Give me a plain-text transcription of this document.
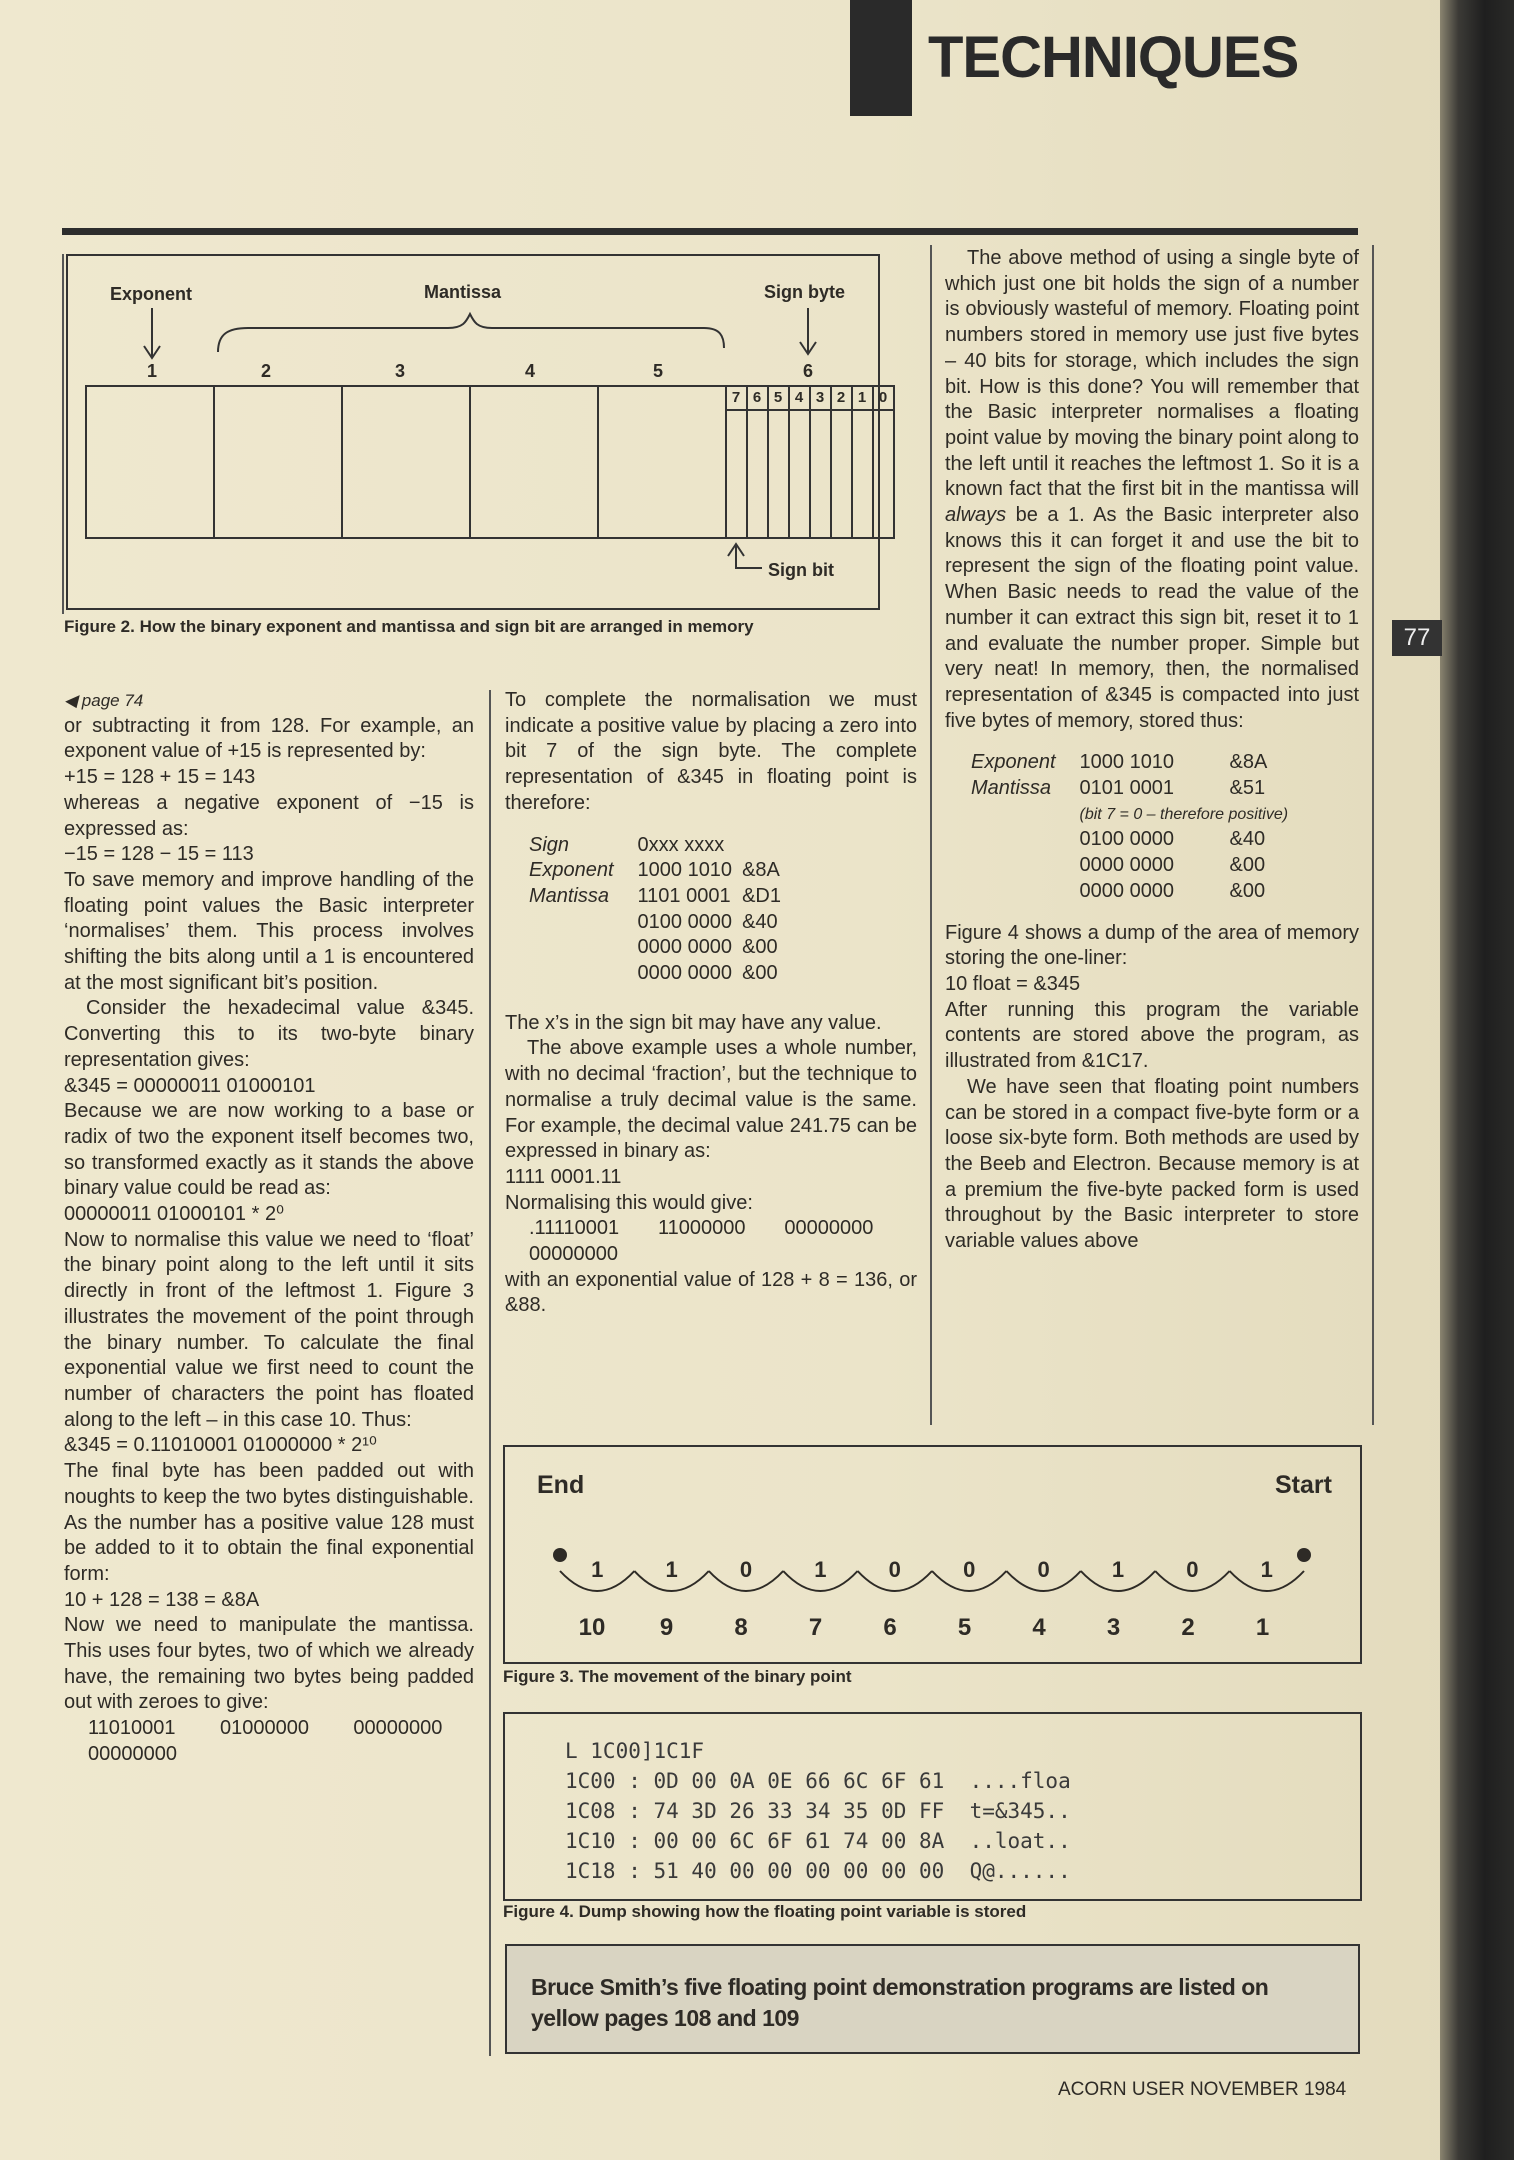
TECHNIQUES
77
Exponent	Mantissa	Sign byte
Sign bit
1	2	3	4	5	6
7 6 5 4 3 2 1 0
Figure 2. How the binary exponent and mantissa and sign bit are arranged in memory

◀ page 74

or subtracting it from 128. For example, an exponent value of +15 is represented by:

+15 = 128 + 15 = 143

whereas a negative exponent of −15 is expressed as:

−15 = 128 − 15 = 113

To save memory and improve handling of the floating point values the Basic interpreter ‘normalises’ them. This process involves shifting the bits along until a 1 is encountered at the most significant bit’s position.

Consider the hexadecimal value &345. Converting this to its two-byte binary representation gives:

&345 = 00000011 01000101

Because we are now working to a base or radix of two the exponent itself becomes two, so transformed exactly as it stands the above binary value could be read as:

00000011 01000101 * 2⁰

Now to normalise this value we need to ‘float’ the binary point along to the left until it sits directly in front of the leftmost 1. Figure 3 illustrates the movement of the point through the binary number. To calculate the final exponential value we first need to count the number of characters the point has floated along to the left – in this case 10. Thus:

&345 = 0.11010001 01000000 * 2¹⁰

The final byte has been padded out with noughts to keep the two bytes distinguishable. As the number has a positive value 128 must be added to it to obtain the final exponential form:

10 + 128 = 138 = &8A

Now we need to manipulate the mantissa. This uses four bytes, two of which we already have, the remaining two bytes being padded out with zeroes to give:

11010001 01000000 00000000
00000000

To complete the normalisation we must indicate a positive value by placing a zero into bit 7 of the sign byte. The complete representation of &345 in floating point is therefore:

Sign	0xxx xxxx	
Exponent	1000 1010	&8A
Mantissa	1101 0001	&D1
	0100 0000	&40
	0000 0000	&00
	0000 0000	&00

The x’s in the sign bit may have any value.

The above example uses a whole number, with no decimal ‘fraction’, but the technique to normalise a truly decimal value is the same. For example, the decimal value 241.75 can be expressed in binary as:

1111 0001.11

Normalising this would give:

.11110001 11000000 00000000
00000000

with an exponential value of 128 + 8 = 136, or &88.

The above method of using a single byte of which just one bit holds the sign of a number is obviously wasteful of memory. Floating point numbers stored in memory use just five bytes – 40 bits for storage, which includes the sign bit. How is this done? You will remember that the Basic interpreter normalises a floating point value by moving the binary point along to the left until it reaches the leftmost 1. So it is a known fact that the first bit in the mantissa will always be a 1. As the Basic interpreter also knows this it can forget it and use the bit to represent the sign of the floating point value. When Basic needs to read the value of the number it can extract this sign bit, reset it to 1 and evaluate the number proper. Simple but very neat! In memory, then, the normalised representation of &345 is compacted into just five bytes of memory, stored thus:

Exponent	1000 1010	&8A
Mantissa	0101 0001	&51
	(bit 7 = 0 – therefore positive)	
	0100 0000	&40
	0000 0000	&00
	0000 0000	&00

Figure 4 shows a dump of the area of memory storing the one-liner:

10 float = &345

After running this program the variable contents are stored above the program, as illustrated from &1C17.

We have seen that floating point numbers can be stored in a compact five-byte form or a loose six-byte form. Both methods are used by the Beeb and Electron. Because memory is at a premium the five-byte packed form is used throughout by the Basic interpreter to store variable values above

End	Start
1	1	0	1	0	0	0	1	0	1
10 9	8	7	6	5	4	3	2	1
Figure 3. The movement of the binary point
L 1C00]1C1F
1C00 : 0D 00 0A 0E 66 6C 6F 61  ....floa
1C08 : 74 3D 26 33 34 35 0D FF  t=&345..
1C10 : 00 00 6C 6F 61 74 00 8A  ..loat..
1C18 : 51 40 00 00 00 00 00 00  Q@......
Figure 4. Dump showing how the floating point variable is stored
Bruce Smith’s five floating point demonstration programs are listed on yellow pages 108 and 109
ACORN USER NOVEMBER 1984
